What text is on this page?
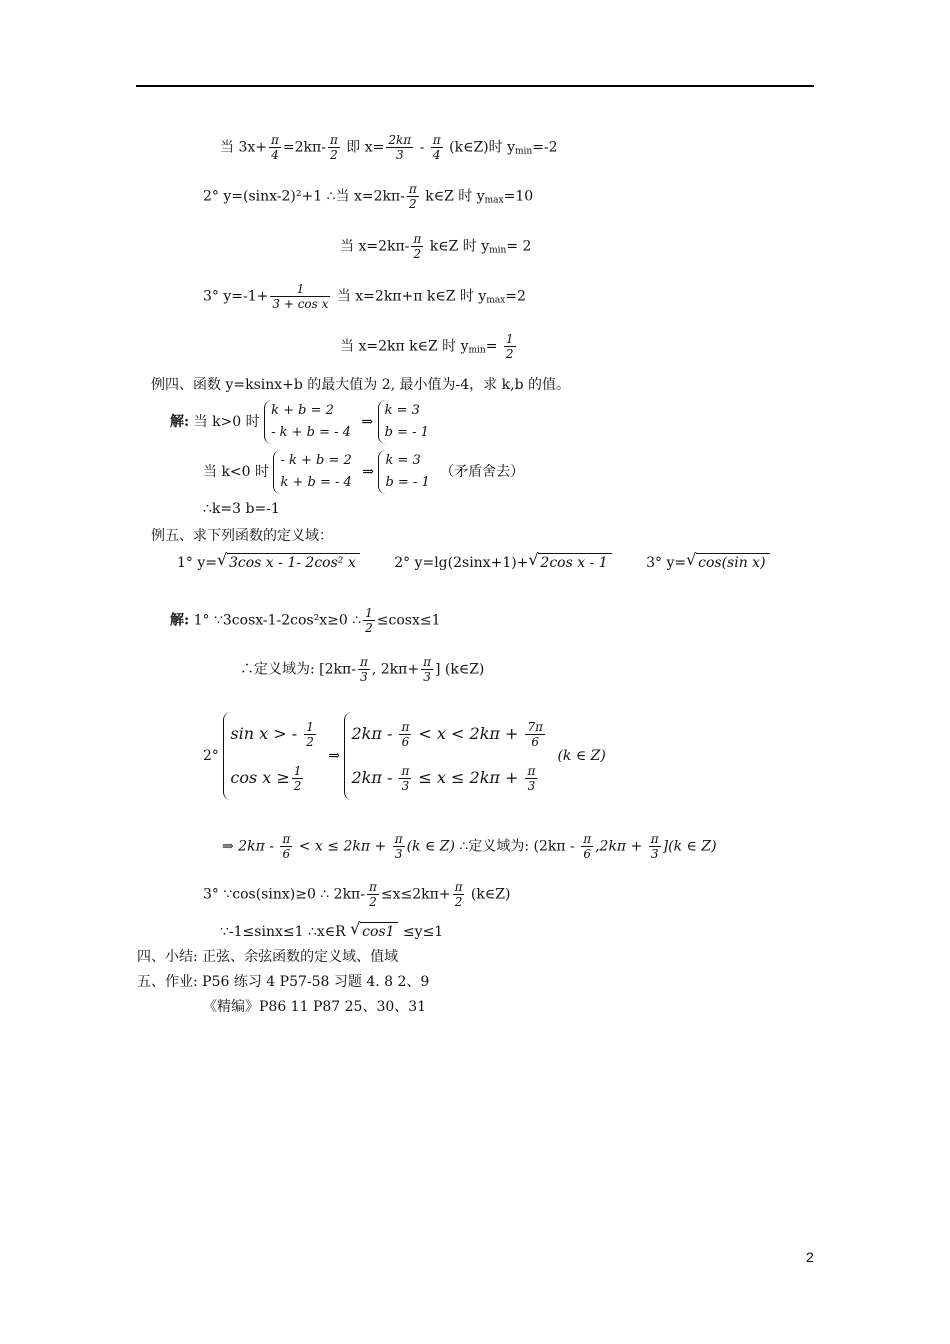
当 $3x+ \frac{\pi}{4} =2k\pi- \frac{\pi}{2}$ 即 $x= \frac{2k\pi}{3} - \frac{\pi}{4}$ (k∈Z)时 $y_{min}=-2$
2° y=(sinx-2)²+1 ∴当 $x=2k\pi- \frac{\pi}{2}$ k∈Z 时 $y_{max}=10$
当 $x=2k\pi- \frac{\pi}{2}$ k∈Z 时 $y_{min}= 2$
3° $y=-1+ \frac{1}{\text{3 + cos x}}$ 当 x=2kπ+π k∈Z 时 $y_{max}=2$
当 x=2kπ k∈Z 时 $y_{min}= \frac{1}{2}$
例四、函数 y=ksinx+b 的最大值为 2, 最小值为-4，求 k,b 的值。
解: 当 k>0 时 k + b = 2
- k + b = - 4 ⇒ k = 3
b = - 1
当 k<0 时 - k + b = 2
k + b = - 4 ⇒ k = 3
b = - 1 （矛盾舍去）
∴k=3 b=-1
例五、求下列函数的定义域：
1° y= √ 3cos x - 1- 2cos² x	2° y=lg(2sinx+1)+ √ 2cos x - 1	3° y= √ cos(sin x)
解: 1° ∵3cosx-1-2cos²x≥0 ∴ $\frac{1}{2} \le\cos x\le 1$
∴定义域为: [$2k\pi- \frac{\pi}{3}$ , $2k\pi+ \frac{\pi}{3}$ ] (k∈Z)
2° sin x > - $\frac{1}{2}$

$\cos x \ge \frac{1}{2}$
⇒ $2k\pi - \frac{\pi}{6} < x < 2k\pi + \frac{7\pi}{6}$

$2k\pi - \frac{\pi}{3} \le x \le 2k\pi + \frac{\pi}{3}$
(k ∈ Z)
⇒ $2k\pi - \frac{\pi}{6} < x \le 2k\pi + \frac{\pi}{3} (k$ ∈ Z) ∴定义域为: $(2k\pi - \frac{\pi}{6} ,2k\pi + \frac{\pi}{3} ](k$ ∈ Z)
3° ∵cos(sinx)≥0 ∴ $2k\pi- \frac{\pi}{2} \le x\le 2k\pi+ \frac{\pi}{2}$ (k∈Z)
∵-1≤sinx≤1 ∴x∈R √ cos1 ≤y≤1
四、小结: 正弦、余弦函数的定义域、值域
五、作业: P56 练习 4 P57-58 习题 4. 8 2、9
《精编》P86 11 P87 25、30、31
2
